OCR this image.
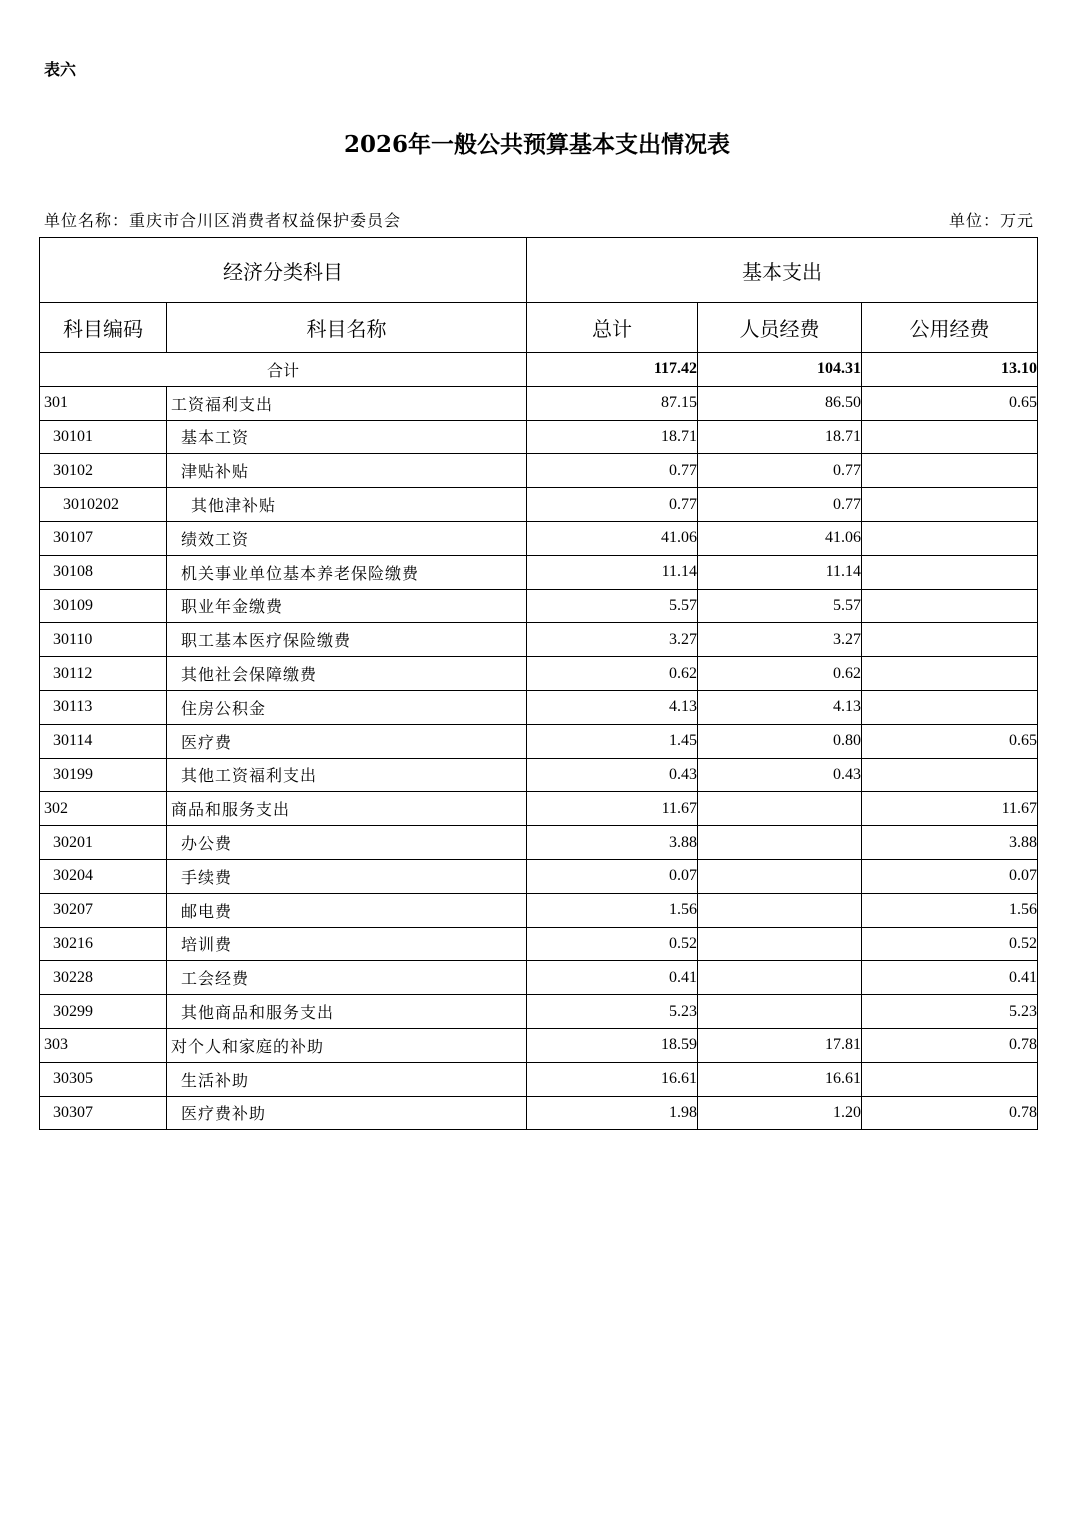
表六
2026年一般公共预算基本支出情况表
单位名称：重庆市合川区消费者权益保护委员会	单位：万元
经济分类科目		基本支出		
科目编码	科目名称	总计	人员经费	公用经费
合计		117.42	104.31	13.10
301	工资福利支出	87.15	86.50	0.65
30101	基本工资	18.71	18.71	
30102	津贴补贴	0.77	0.77	
3010202	其他津补贴	0.77	0.77	
30107	绩效工资	41.06	41.06	
30108	机关事业单位基本养老保险缴费	11.14	11.14	
30109	职业年金缴费	5.57	5.57	
30110	职工基本医疗保险缴费	3.27	3.27	
30112	其他社会保障缴费	0.62	0.62	
30113	住房公积金	4.13	4.13	
30114	医疗费	1.45	0.80	0.65
30199	其他工资福利支出	0.43	0.43	
302	商品和服务支出	11.67		11.67
30201	办公费	3.88		3.88
30204	手续费	0.07		0.07
30207	邮电费	1.56		1.56
30216	培训费	0.52		0.52
30228	工会经费	0.41		0.41
30299	其他商品和服务支出	5.23		5.23
303	对个人和家庭的补助	18.59	17.81	0.78
30305	生活补助	16.61	16.61	
30307	医疗费补助	1.98	1.20	0.78
